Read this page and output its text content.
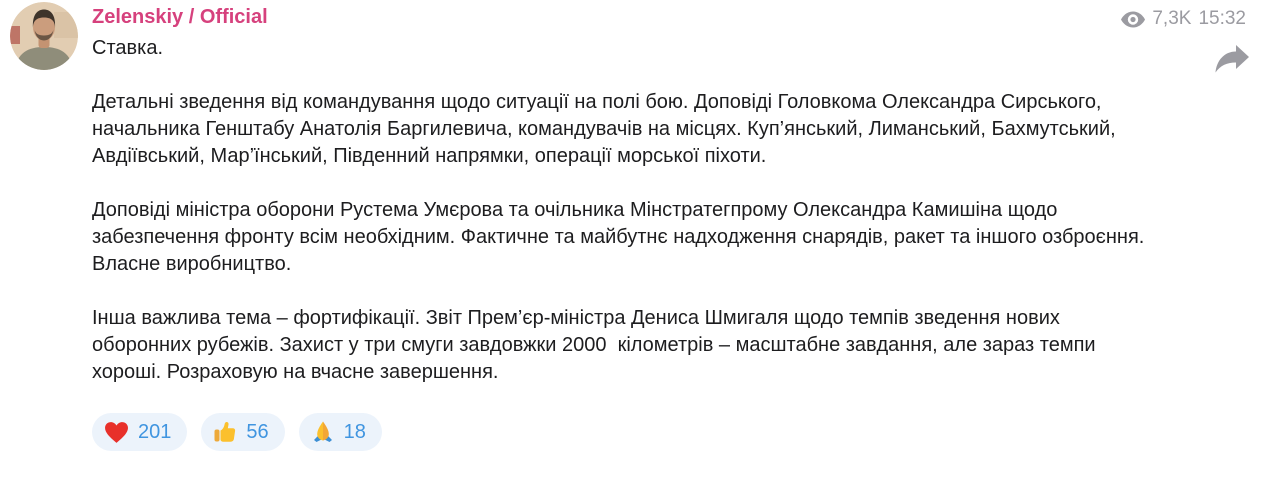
7,3K 15:32
Zelenskiy / Official

Ставка.

Детальні зведення від командування щодо ситуації на полі бою. Доповіді Головкома Олександра Сирського, начальника Генштабу Анатолія Баргилевича, командувачів на місцях. Куп’янський, Лиманський, Бахмутський, Авдіївський, Мар’їнський, Південний напрямки, операції морської піхоти.

Доповіді міністра оборони Рустема Умєрова та очільника Мінстратегпрому Олександра Камишіна щодо забезпечення фронту всім необхідним. Фактичне та майбутнє надходження снарядів, ракет та іншого озброєння. Власне виробництво.

Інша важлива тема – фортифікації. Звіт Прем’єр-міністра Дениса Шмигаля щодо темпів зведення нових оборонних рубежів. Захист у три смуги завдовжки 2000  кілометрів – масштабне завдання, але зараз темпи хороші. Розраховую на вчасне завершення.

201	56	18
